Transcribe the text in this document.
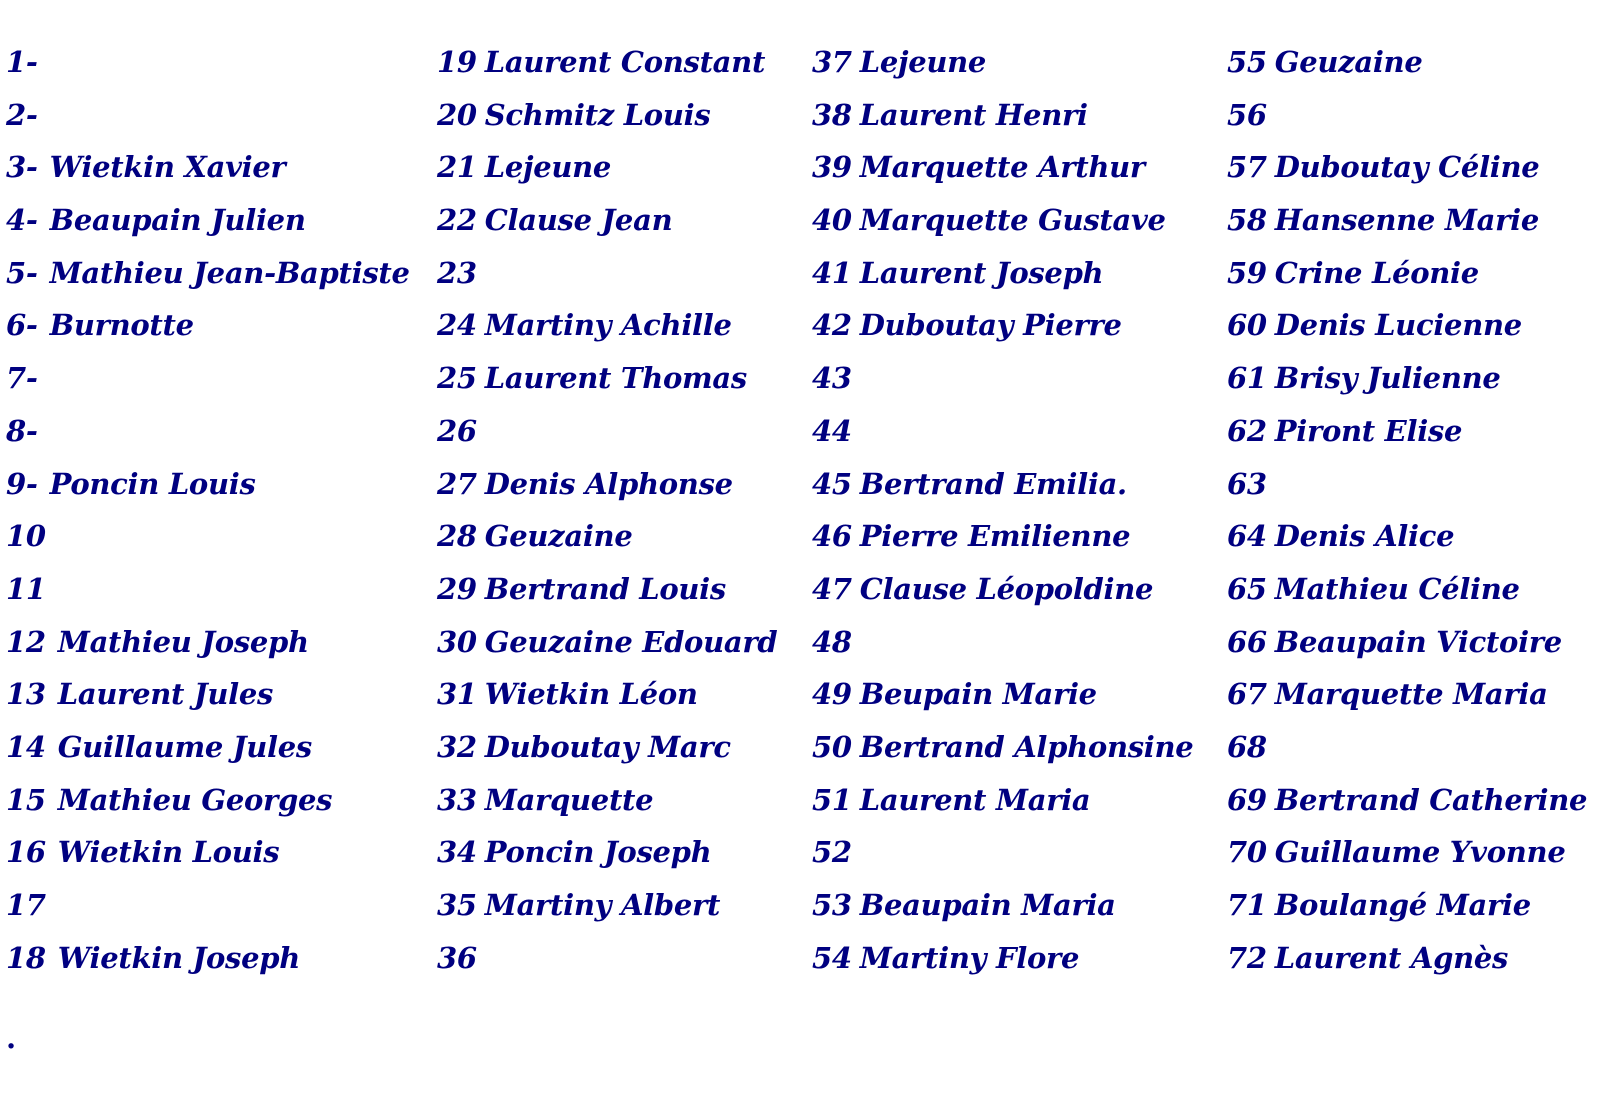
1-
2-
3- Wietkin Xavier
4- Beaupain Julien
5- Mathieu Jean-Baptiste
6- Burnotte
7-
8-
9- Poncin Louis
10
11
12 Mathieu Joseph
13 Laurent Jules
14 Guillaume Jules
15 Mathieu Georges
16 Wietkin Louis
17
18 Wietkin Joseph
19 Laurent Constant
20 Schmitz Louis
21 Lejeune
22 Clause Jean
23
24 Martiny Achille
25 Laurent Thomas
26
27 Denis Alphonse
28 Geuzaine
29 Bertrand Louis
30 Geuzaine Edouard
31 Wietkin Léon
32 Duboutay Marc
33 Marquette
34 Poncin Joseph
35 Martiny Albert
36
37 Lejeune
38 Laurent Henri
39 Marquette Arthur
40 Marquette Gustave
41 Laurent Joseph
42 Duboutay Pierre
43
44
45 Bertrand Emilia.
46 Pierre Emilienne
47 Clause Léopoldine
48
49 Beupain Marie
50 Bertrand Alphonsine
51 Laurent Maria
52
53 Beaupain Maria
54 Martiny Flore
55 Geuzaine
56
57 Duboutay Céline
58 Hansenne Marie
59 Crine Léonie
60 Denis Lucienne
61 Brisy Julienne
62 Piront Elise
63
64 Denis Alice
65 Mathieu Céline
66 Beaupain Victoire
67 Marquette Maria
68
69 Bertrand Catherine
70 Guillaume Yvonne
71 Boulangé Marie
72 Laurent Agnès
.
